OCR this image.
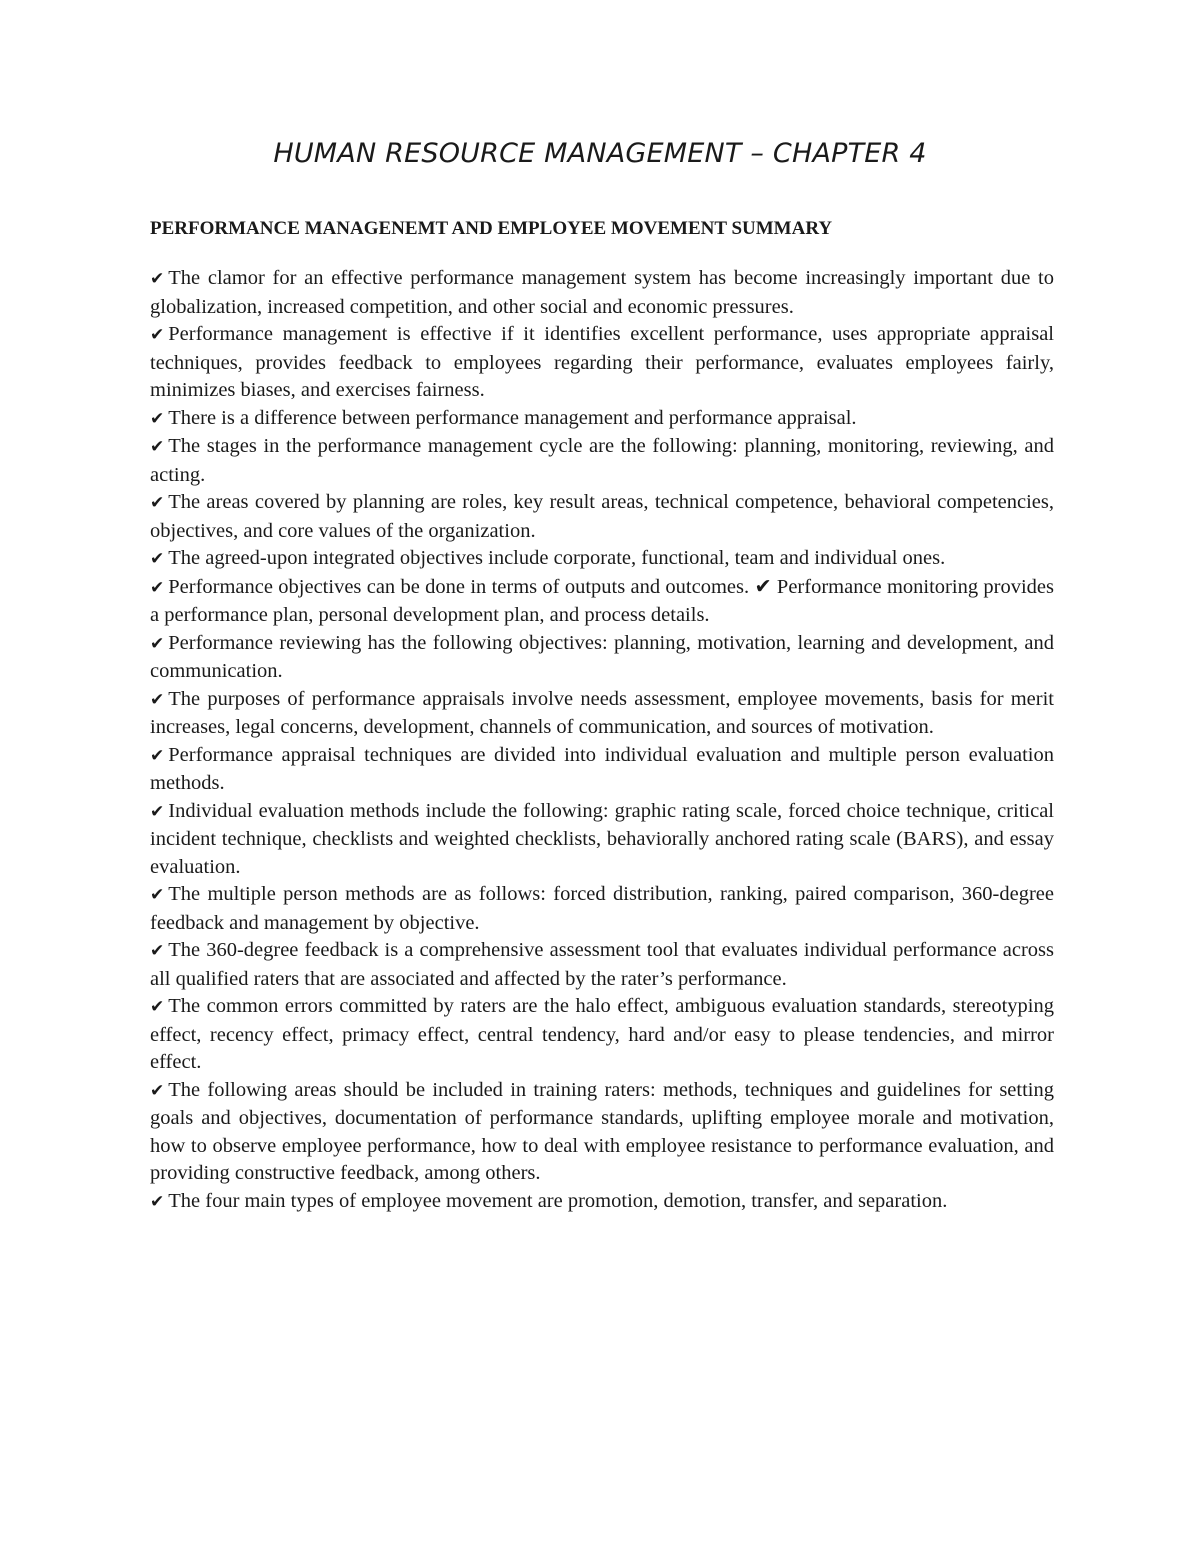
HUMAN RESOURCE MANAGEMENT – CHAPTER 4
PERFORMANCE MANAGENEMT AND EMPLOYEE MOVEMENT SUMMARY
✔ The clamor for an effective performance management system has become increasingly important due to globalization, increased competition, and other social and economic pressures.
✔ Performance management is effective if it identifies excellent performance, uses appropriate appraisal techniques, provides feedback to employees regarding their performance, evaluates employees fairly, minimizes biases, and exercises fairness.
✔ There is a difference between performance management and performance appraisal.
✔ The stages in the performance management cycle are the following: planning, monitoring, reviewing, and acting.
✔ The areas covered by planning are roles, key result areas, technical competence, behavioral competencies, objectives, and core values of the organization.
✔ The agreed-upon integrated objectives include corporate, functional, team and individual ones.
✔ Performance objectives can be done in terms of outputs and outcomes. ✔ Performance monitoring provides a performance plan, personal development plan, and process details.
✔ Performance reviewing has the following objectives: planning, motivation, learning and development, and communication.
✔ The purposes of performance appraisals involve needs assessment, employee movements, basis for merit increases, legal concerns, development, channels of communication, and sources of motivation.
✔ Performance appraisal techniques are divided into individual evaluation and multiple person evaluation methods.
✔ Individual evaluation methods include the following: graphic rating scale, forced choice technique, critical incident technique, checklists and weighted checklists, behaviorally anchored rating scale (BARS), and essay evaluation.
✔ The multiple person methods are as follows: forced distribution, ranking, paired comparison, 360-degree feedback and management by objective.
✔ The 360-degree feedback is a comprehensive assessment tool that evaluates individual performance across all qualified raters that are associated and affected by the rater’s performance.
✔ The common errors committed by raters are the halo effect, ambiguous evaluation standards, stereotyping effect, recency effect, primacy effect, central tendency, hard and/or easy to please tendencies, and mirror effect.
✔ The following areas should be included in training raters: methods, techniques and guidelines for setting goals and objectives, documentation of performance standards, uplifting employee morale and motivation, how to observe employee performance, how to deal with employee resistance to performance evaluation, and providing constructive feedback, among others.
✔ The four main types of employee movement are promotion, demotion, transfer, and separation.
